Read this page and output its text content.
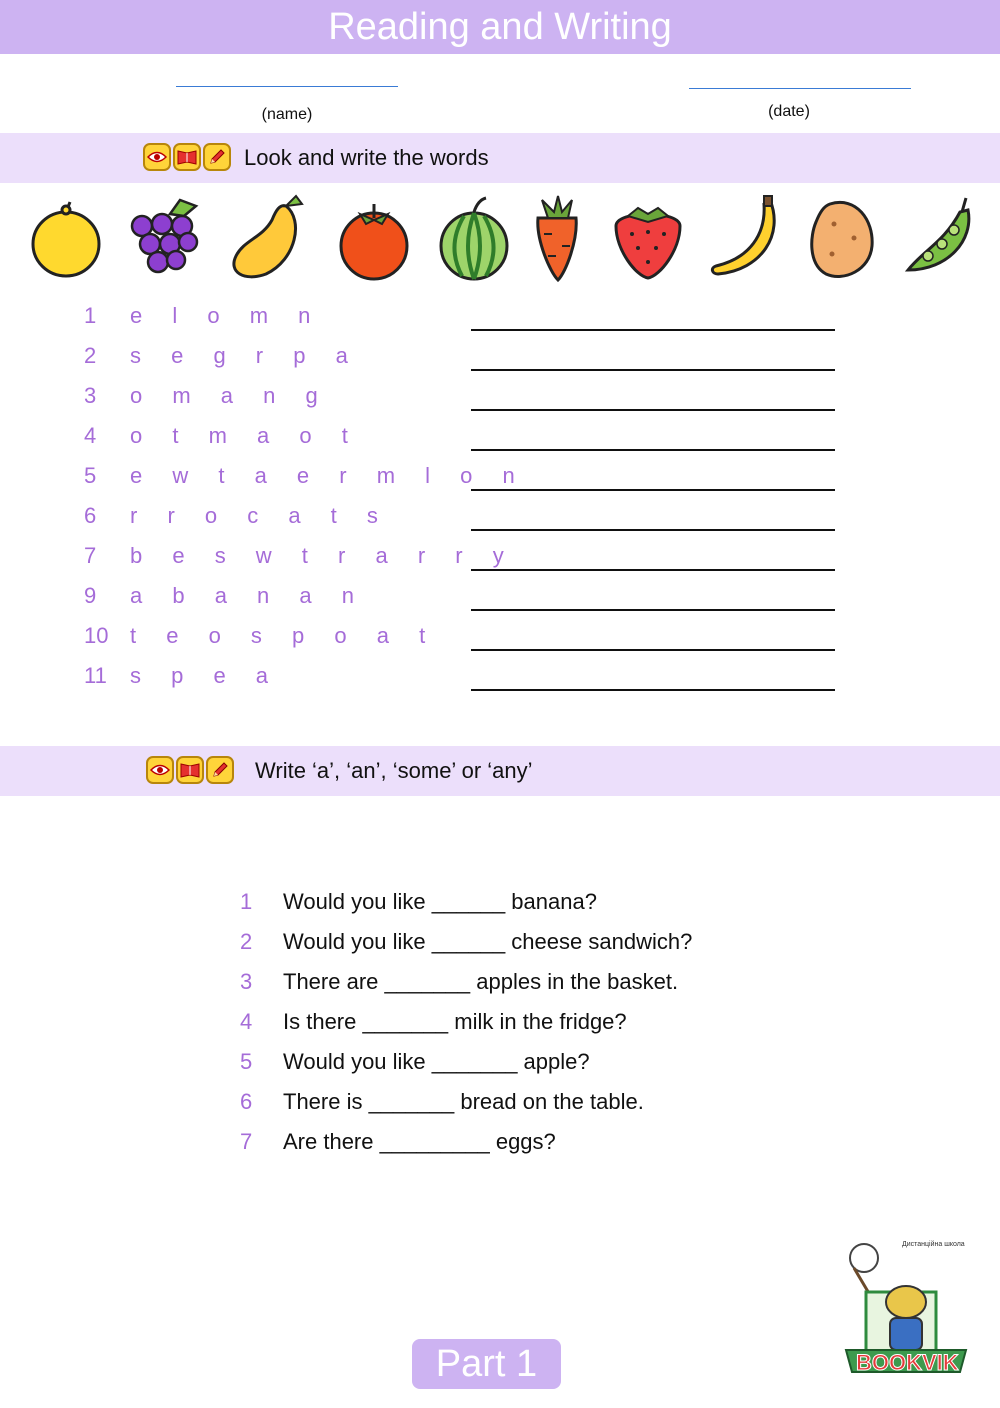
Reading and Writing
(name)	(date)
Look and write the words
1 e l o m n
2 s e g r p a
3 o m a n g
4 o t m a o t
5 e w t a e r m l o n
6 r r o c a t s
7 b e s w t r a r r y
9 a b a n a n
10 t e o s p o a t
11 s p e a
Write ‘a’, ‘an’, ‘some’ or ‘any’
1 Would you like ______ banana?
2 Would you like ______ cheese sandwich?
3 There are _______ apples in the basket.
4 Is there _______ milk in the fridge?
5 Would you like _______ apple?
6 There is _______ bread on the table.
7 Are there _________ eggs?
Part 1
Дистанційна школа
BOOKVIK
